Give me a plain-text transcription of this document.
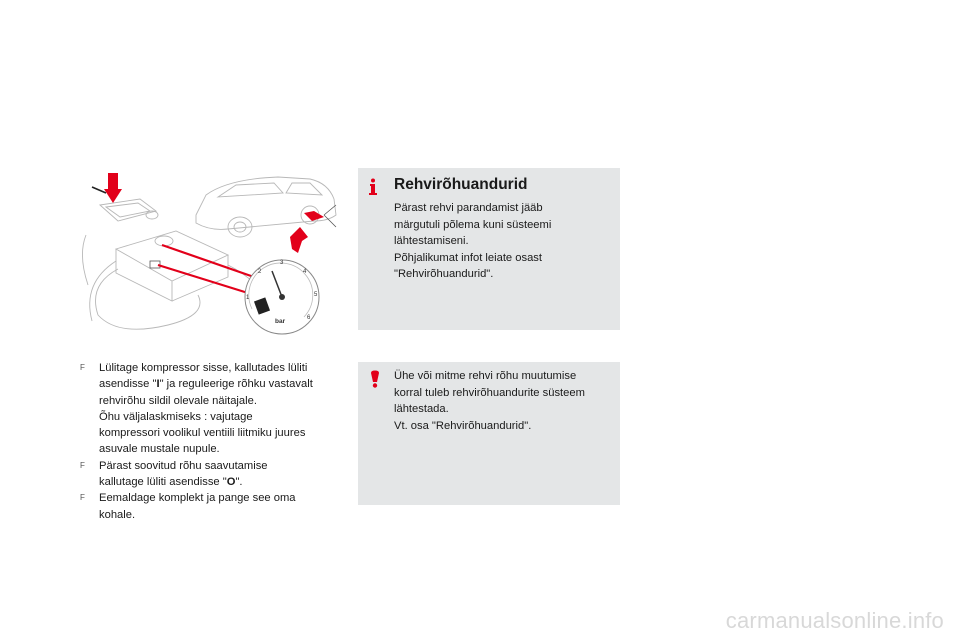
1
2
3
4
5
6
bar
Rehvirõhuandurid

Pärast rehvi parandamist jääb

märgutuli põlema kuni süsteemi

lähtestamiseni.

Põhjalikumat infot leiate osast

"Rehvirõhuandurid".

Ühe või mitme rehvi rõhu muutumise

korral tuleb rehvirõhuandurite süsteem

lähtestada.

Vt. osa "Rehvirõhuandurid".

F Lülitage kompressor sisse, kallutades lüliti

asendisse "I" ja reguleerige rõhku vastavalt

rehvirõhu sildil olevale näitajale.

Õhu väljalaskmiseks : vajutage

kompressori voolikul ventiili liitmiku juures

asuvale mustale nupule.

F Pärast soovitud rõhu saavutamise

kallutage lüliti asendisse "O".

F Eemaldage komplekt ja pange see oma

kohale.

carmanualsonline.info
